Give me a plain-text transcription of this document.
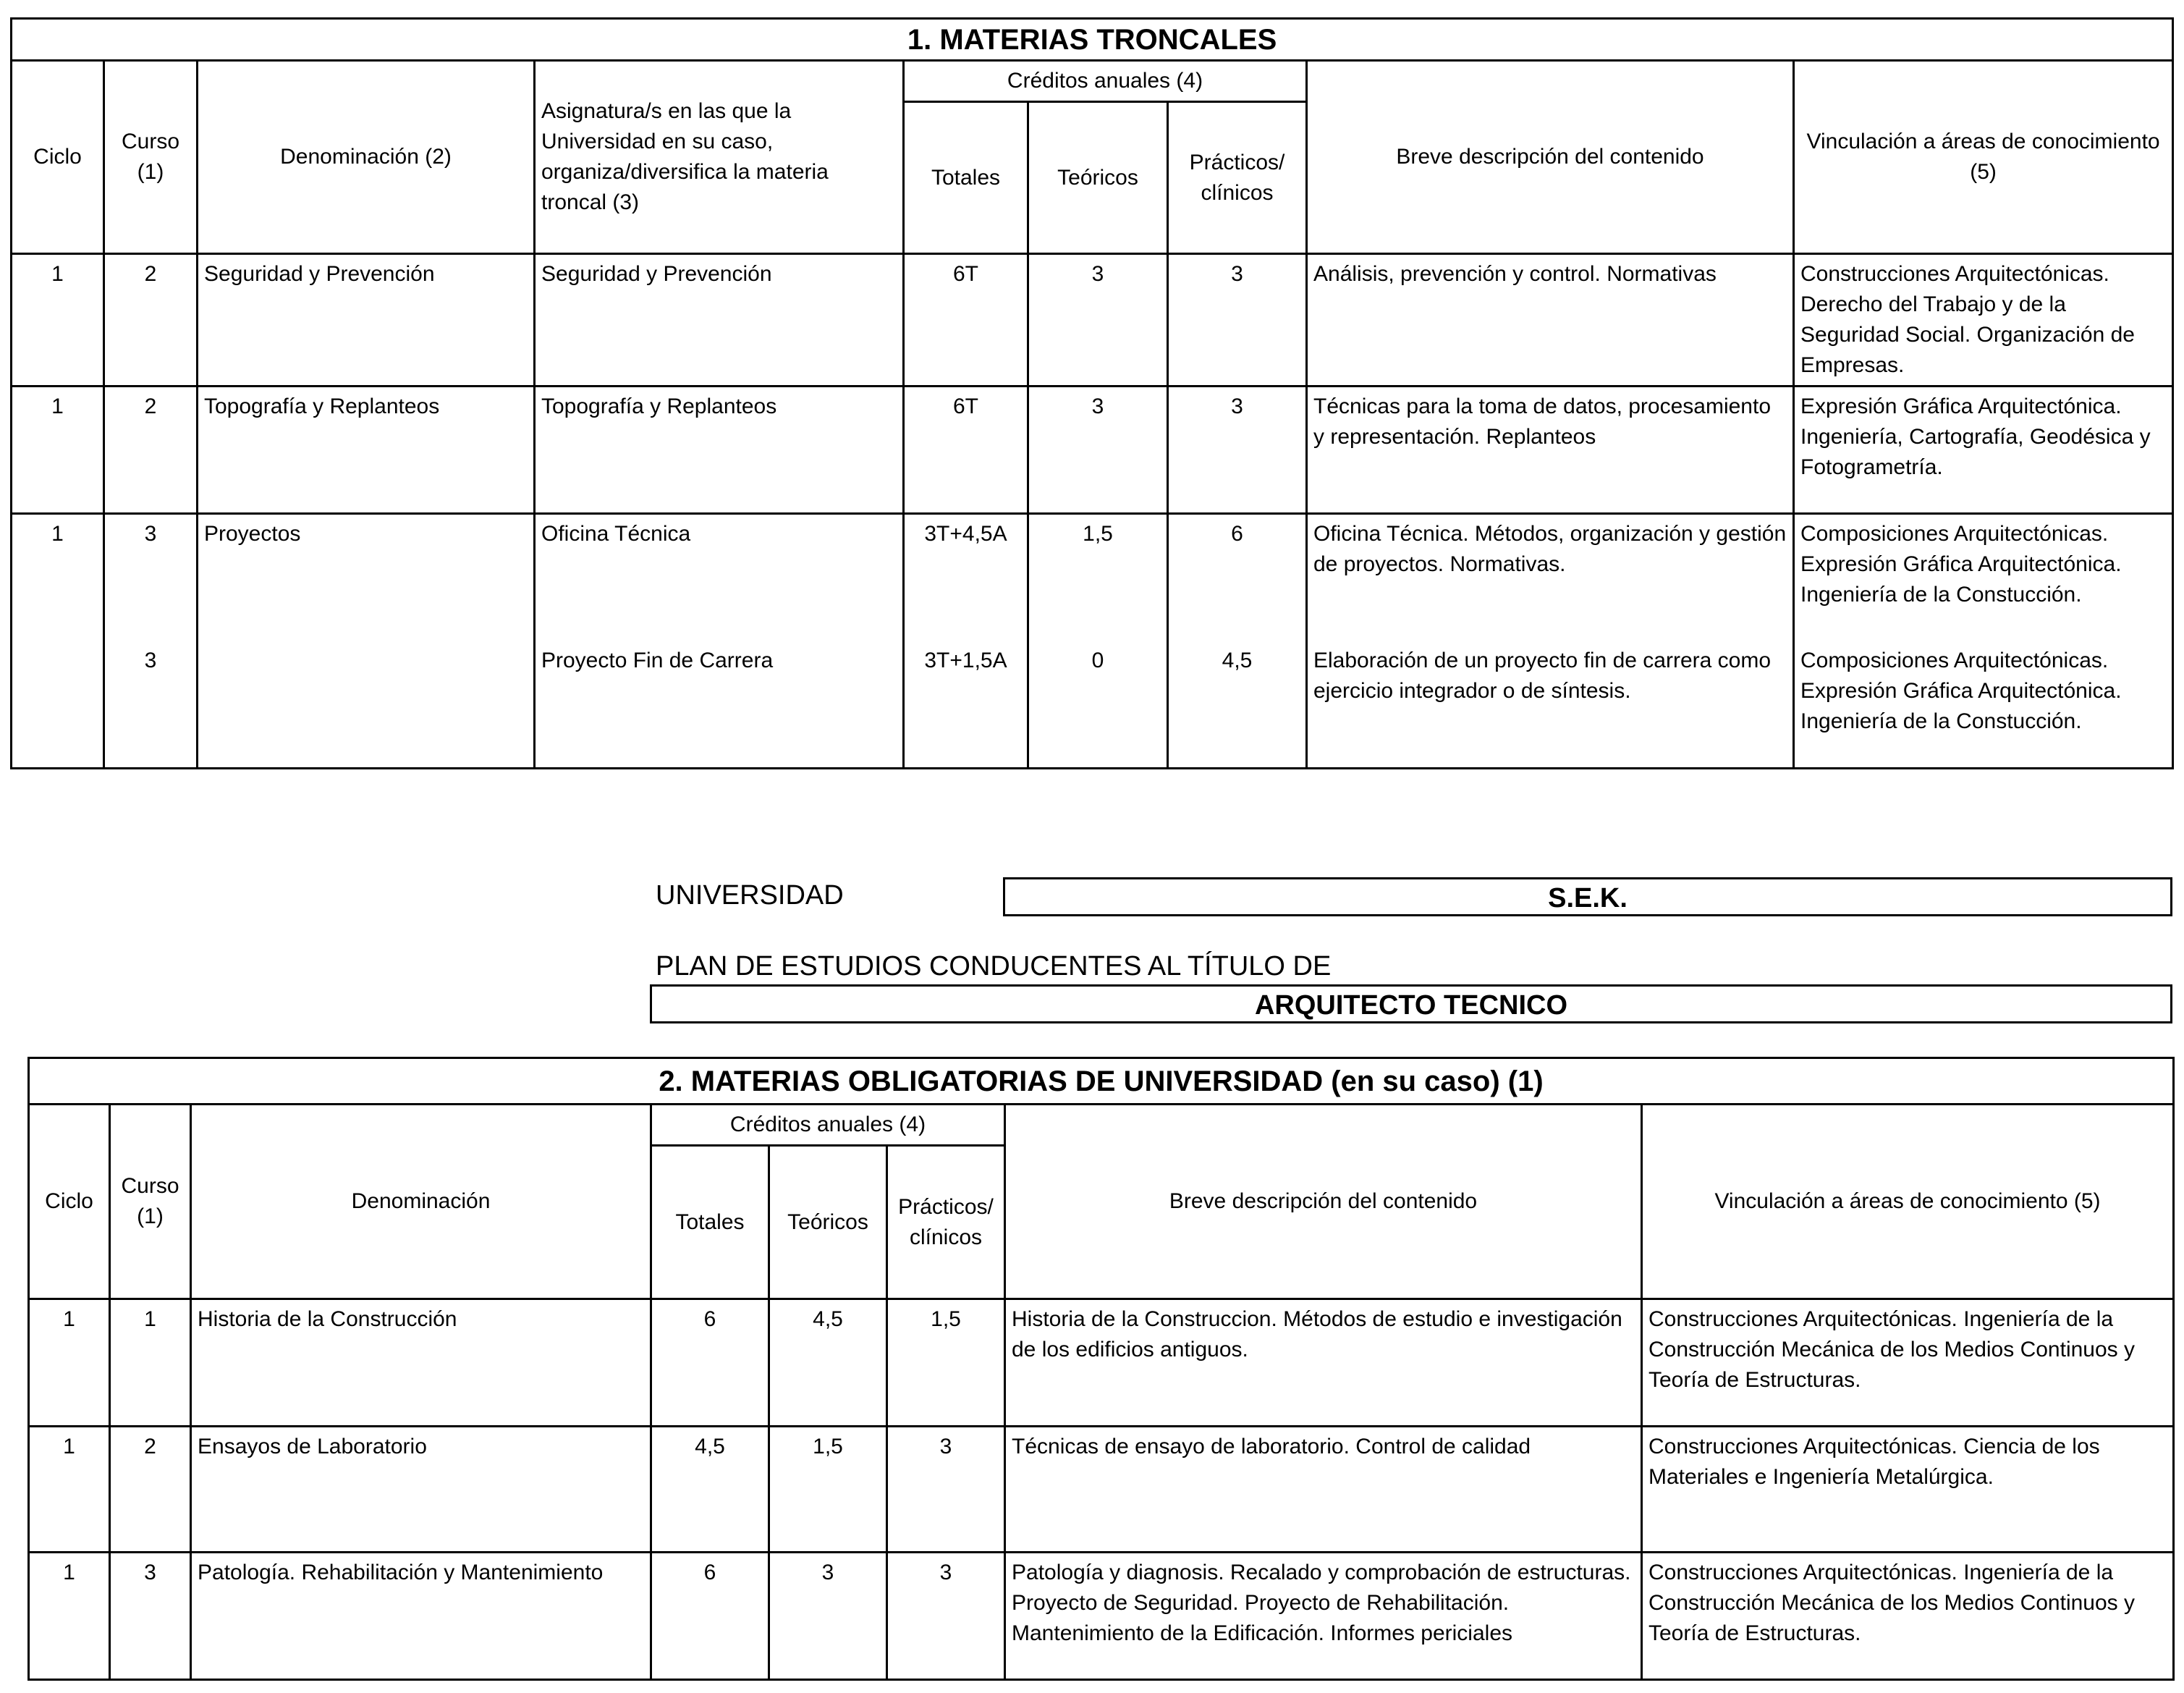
1. MATERIAS TRONCALES								
Ciclo	Curso (1)	Denominación (2)	Asignatura/s en las que la Universidad en su caso, organiza/diversifica la materia troncal (3)	Créditos anuales (4)			Breve descripción del contenido	Vinculación a áreas de conocimiento (5)
				Totales	Teóricos	Prácticos/ clínicos		
1	2	Seguridad y Prevención	Seguridad y Prevención	6T	3	3	Análisis, prevención y control. Normativas	Construcciones Arquitectónicas. Derecho del Trabajo y de la Seguridad Social. Organización de Empresas.
1	2	Topografía y Replanteos	Topografía y Replanteos	6T	3	3	Técnicas para la toma de datos, procesamiento y representación. Replanteos	Expresión Gráfica Arquitectónica. Ingeniería, Cartografía, Geodésica y Fotogrametría.
1	3	Proyectos	Oficina Técnica	3T+4,5A	1,5	6	Oficina Técnica. Métodos, organización y gestión de proyectos. Normativas.	Composiciones Arquitectónicas. Expresión Gráfica Arquitectónica. Ingeniería de la Constucción.
	3		Proyecto Fin de Carrera	3T+1,5A	0	4,5	Elaboración de un proyecto fin de carrera como ejercicio integrador o de síntesis.	Composiciones Arquitectónicas. Expresión Gráfica Arquitectónica. Ingeniería de la Constucción.
UNIVERSIDAD	S.E.K.
PLAN DE ESTUDIOS CONDUCENTES AL TÍTULO DE
ARQUITECTO TECNICO
2. MATERIAS OBLIGATORIAS DE UNIVERSIDAD (en su caso) (1)							
Ciclo	Curso (1)	Denominación	Créditos anuales (4)			Breve descripción del contenido	Vinculación a áreas de conocimiento (5)
			Totales	Teóricos	Prácticos/ clínicos		
1	1	Historia de la Construcción	6	4,5	1,5	Historia de la Construccion. Métodos de estudio e investigación de los edificios antiguos.	Construcciones Arquitectónicas. Ingeniería de la Construcción Mecánica de los Medios Continuos y Teoría de Estructuras.
1	2	Ensayos de Laboratorio	4,5	1,5	3	Técnicas de ensayo de laboratorio. Control de calidad	Construcciones Arquitectónicas. Ciencia de los Materiales e Ingeniería Metalúrgica.
1	3	Patología. Rehabilitación y Mantenimiento	6	3	3	Patología y diagnosis. Recalado y comprobación de estructuras. Proyecto de Seguridad. Proyecto de Rehabilitación. Mantenimiento de la Edificación. Informes periciales	Construcciones Arquitectónicas. Ingeniería de la Construcción Mecánica de los Medios Continuos y Teoría de Estructuras.
